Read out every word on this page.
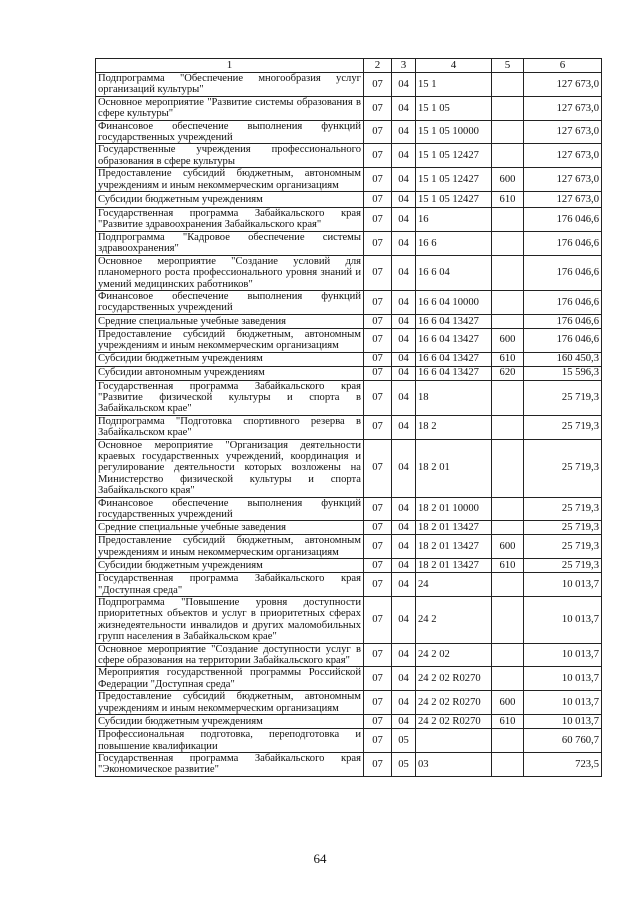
1	2	3	4	5	6
Подпрограмма "Обеспечение многообразия услуг организаций культуры"	07	04	15 1		127 673,0
Основное мероприятие "Развитие системы образования в сфере культуры"	07	04	15 1 05		127 673,0
Финансовое обеспечение выполнения функций государственных учреждений	07	04	15 1 05 10000		127 673,0
Государственные учреждения профессионального образования в сфере культуры	07	04	15 1 05 12427		127 673,0
Предоставление субсидий бюджетным, автономным учреждениям и иным некоммерческим организациям	07	04	15 1 05 12427	600	127 673,0
Субсидии бюджетным учреждениям	07	04	15 1 05 12427	610	127 673,0
Государственная программа Забайкальского края "Развитие здравоохранения Забайкальского края"	07	04	16		176 046,6
Подпрограмма "Кадровое обеспечение системы здравоохранения"	07	04	16 6		176 046,6
Основное мероприятие "Создание условий для планомерного роста профессионального уровня знаний и умений медицинских работников"	07	04	16 6 04		176 046,6
Финансовое обеспечение выполнения функций государственных учреждений	07	04	16 6 04 10000		176 046,6
Средние специальные учебные заведения	07	04	16 6 04 13427		176 046,6
Предоставление субсидий бюджетным, автономным учреждениям и иным некоммерческим организациям	07	04	16 6 04 13427	600	176 046,6
Субсидии бюджетным учреждениям	07	04	16 6 04 13427	610	160 450,3
Субсидии автономным учреждениям	07	04	16 6 04 13427	620	15 596,3
Государственная программа Забайкальского края "Развитие физической культуры и спорта в Забайкальском крае"	07	04	18		25 719,3
Подпрограмма "Подготовка спортивного резерва в Забайкальском крае"	07	04	18 2		25 719,3
Основное мероприятие "Организация деятельности краевых государственных учреждений, координация и регулирование деятельности которых возложены на Министерство физической культуры и спорта Забайкальского края"	07	04	18 2 01		25 719,3
Финансовое обеспечение выполнения функций государственных учреждений	07	04	18 2 01 10000		25 719,3
Средние специальные учебные заведения	07	04	18 2 01 13427		25 719,3
Предоставление субсидий бюджетным, автономным учреждениям и иным некоммерческим организациям	07	04	18 2 01 13427	600	25 719,3
Субсидии бюджетным учреждениям	07	04	18 2 01 13427	610	25 719,3
Государственная программа Забайкальского края "Доступная среда"	07	04	24		10 013,7
Подпрограмма "Повышение уровня доступности приоритетных объектов и услуг в приоритетных сферах жизнедеятельности инвалидов и других маломобильных групп населения в Забайкальском крае"	07	04	24 2		10 013,7
Основное мероприятие "Создание доступности услуг в сфере образования на территории Забайкальского края"	07	04	24 2 02		10 013,7
Мероприятия государственной программы Российской Федерации "Доступная среда"	07	04	24 2 02 R0270		10 013,7
Предоставление субсидий бюджетным, автономным учреждениям и иным некоммерческим организациям	07	04	24 2 02 R0270	600	10 013,7
Субсидии бюджетным учреждениям	07	04	24 2 02 R0270	610	10 013,7
Профессиональная подготовка, переподготовка и повышение квалификации	07	05			60 760,7
Государственная программа Забайкальского края "Экономическое развитие"	07	05	03		723,5
64
